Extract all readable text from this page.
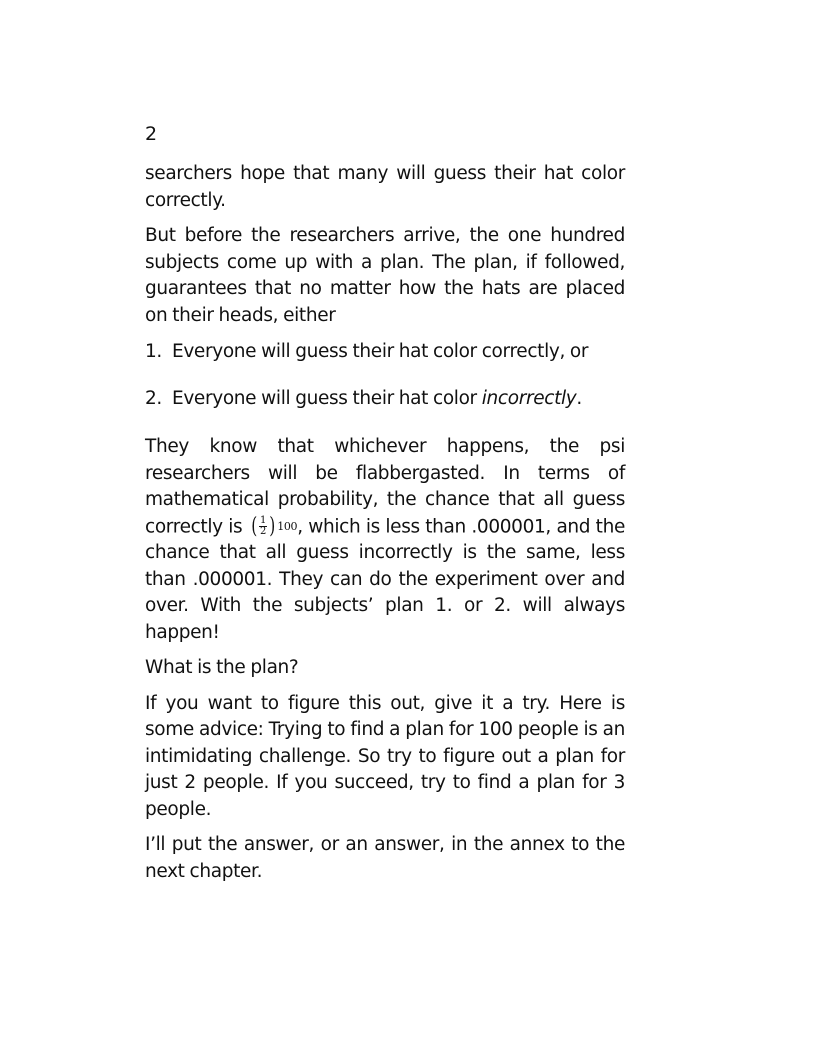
2

searchers hope that many will guess their hat color correctly.

But before the researchers arrive, the one hundred subjects come up with a plan. The plan, if followed, guarantees that no matter how the hats are placed on their heads, either

1. Everyone will guess their hat color correctly, or
2. Everyone will guess their hat color incorrectly.

They know that whichever happens, the psi researchers will be flabbergasted. In terms of mathematical probability, the chance that all guess correctly is ( $\frac{1}{2}$ ) 100 , which is less than .000001, and the chance that all guess incorrectly is the same, less than .000001. They can do the experiment over and over. With the subjects’ plan 1. or 2. will always happen!

What is the plan?

If you want to figure this out, give it a try. Here is some advice: Trying to find a plan for 100 people is an intimidating challenge. So try to figure out a plan for just 2 people. If you succeed, try to find a plan for 3 people.

I’ll put the answer, or an answer, in the annex to the next chapter.
